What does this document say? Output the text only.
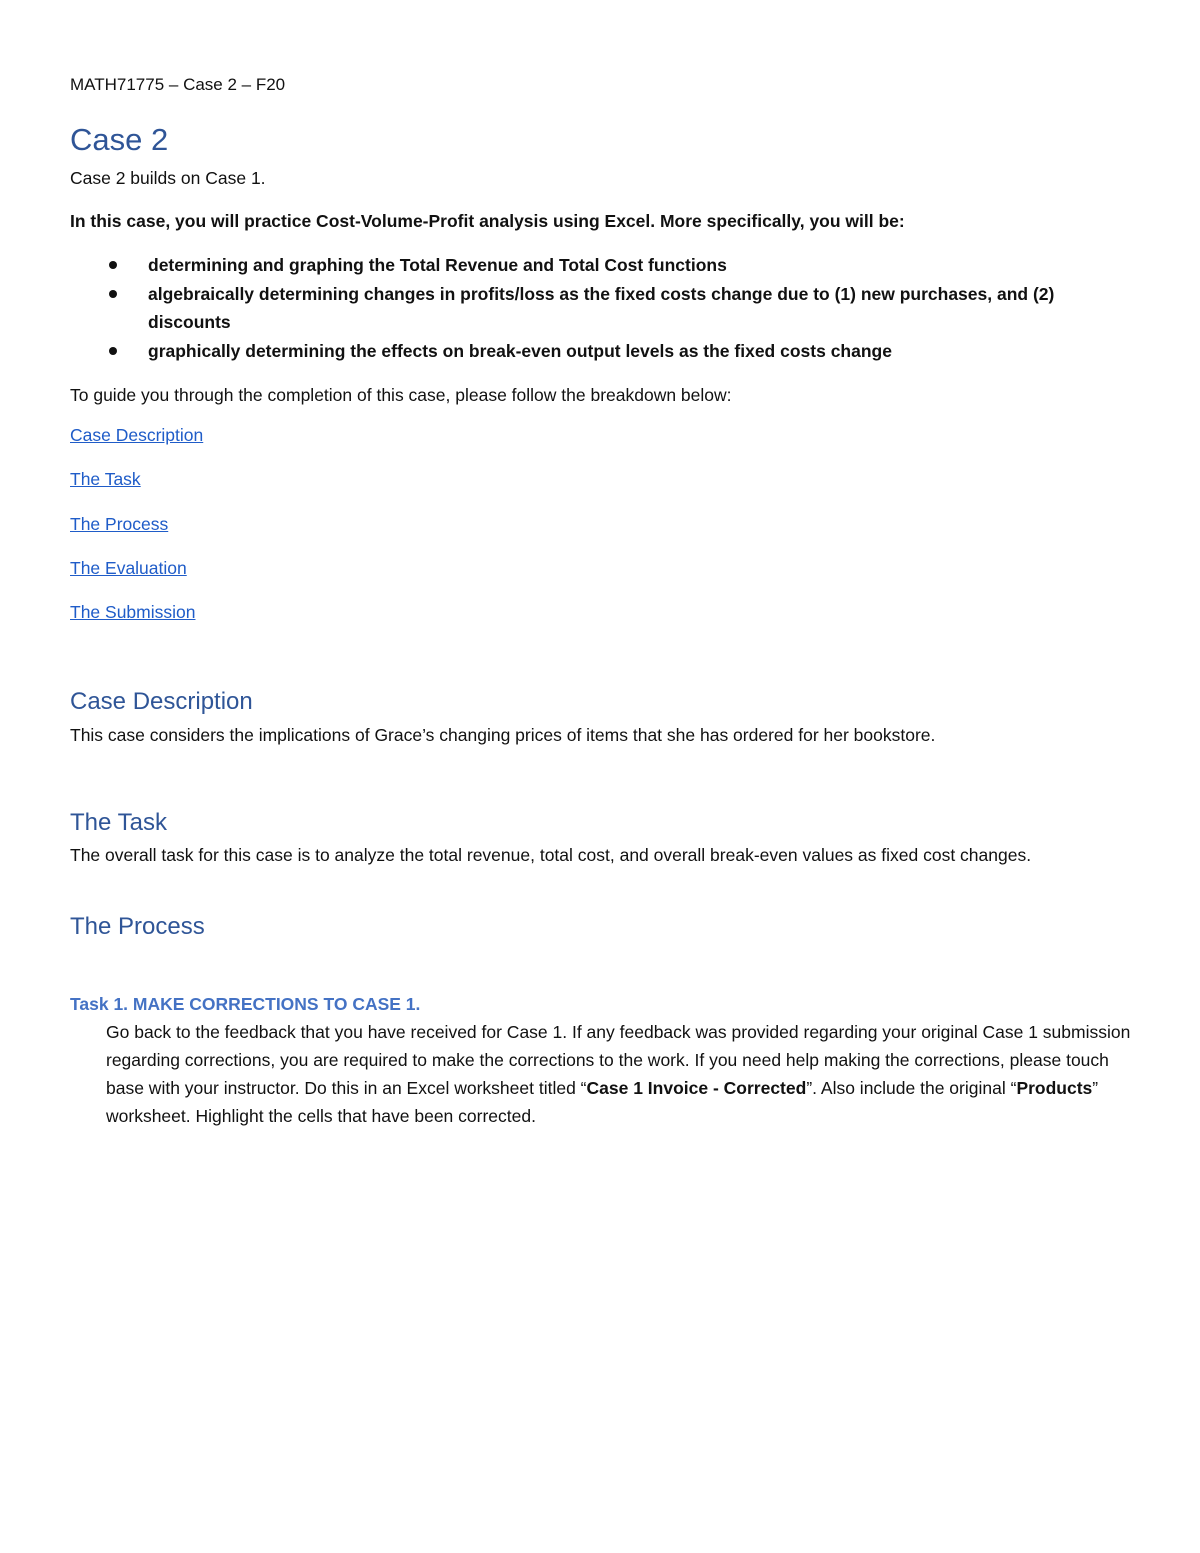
MATH71775 – Case 2 – F20
Case 2
Case 2 builds on Case 1.
In this case, you will practice Cost-Volume-Profit analysis using Excel. More specifically, you will be:
determining and graphing the Total Revenue and Total Cost functions
algebraically determining changes in profits/loss as the fixed costs change due to (1) new purchases, and (2) discounts
graphically determining the effects on break-even output levels as the fixed costs change
To guide you through the completion of this case, please follow the breakdown below:
Case Description
The Task
The Process
The Evaluation
The Submission
Case Description
This case considers the implications of Grace’s changing prices of items that she has ordered for her bookstore.
The Task
The overall task for this case is to analyze the total revenue, total cost, and overall break-even values as fixed cost changes.
The Process
Task 1. MAKE CORRECTIONS TO CASE 1.
Go back to the feedback that you have received for Case 1. If any feedback was provided regarding your original Case 1 submission regarding corrections, you are required to make the corrections to the work. If you need help making the corrections, please touch base with your instructor. Do this in an Excel worksheet titled “Case 1 Invoice - Corrected”. Also include the original “Products” worksheet. Highlight the cells that have been corrected.
